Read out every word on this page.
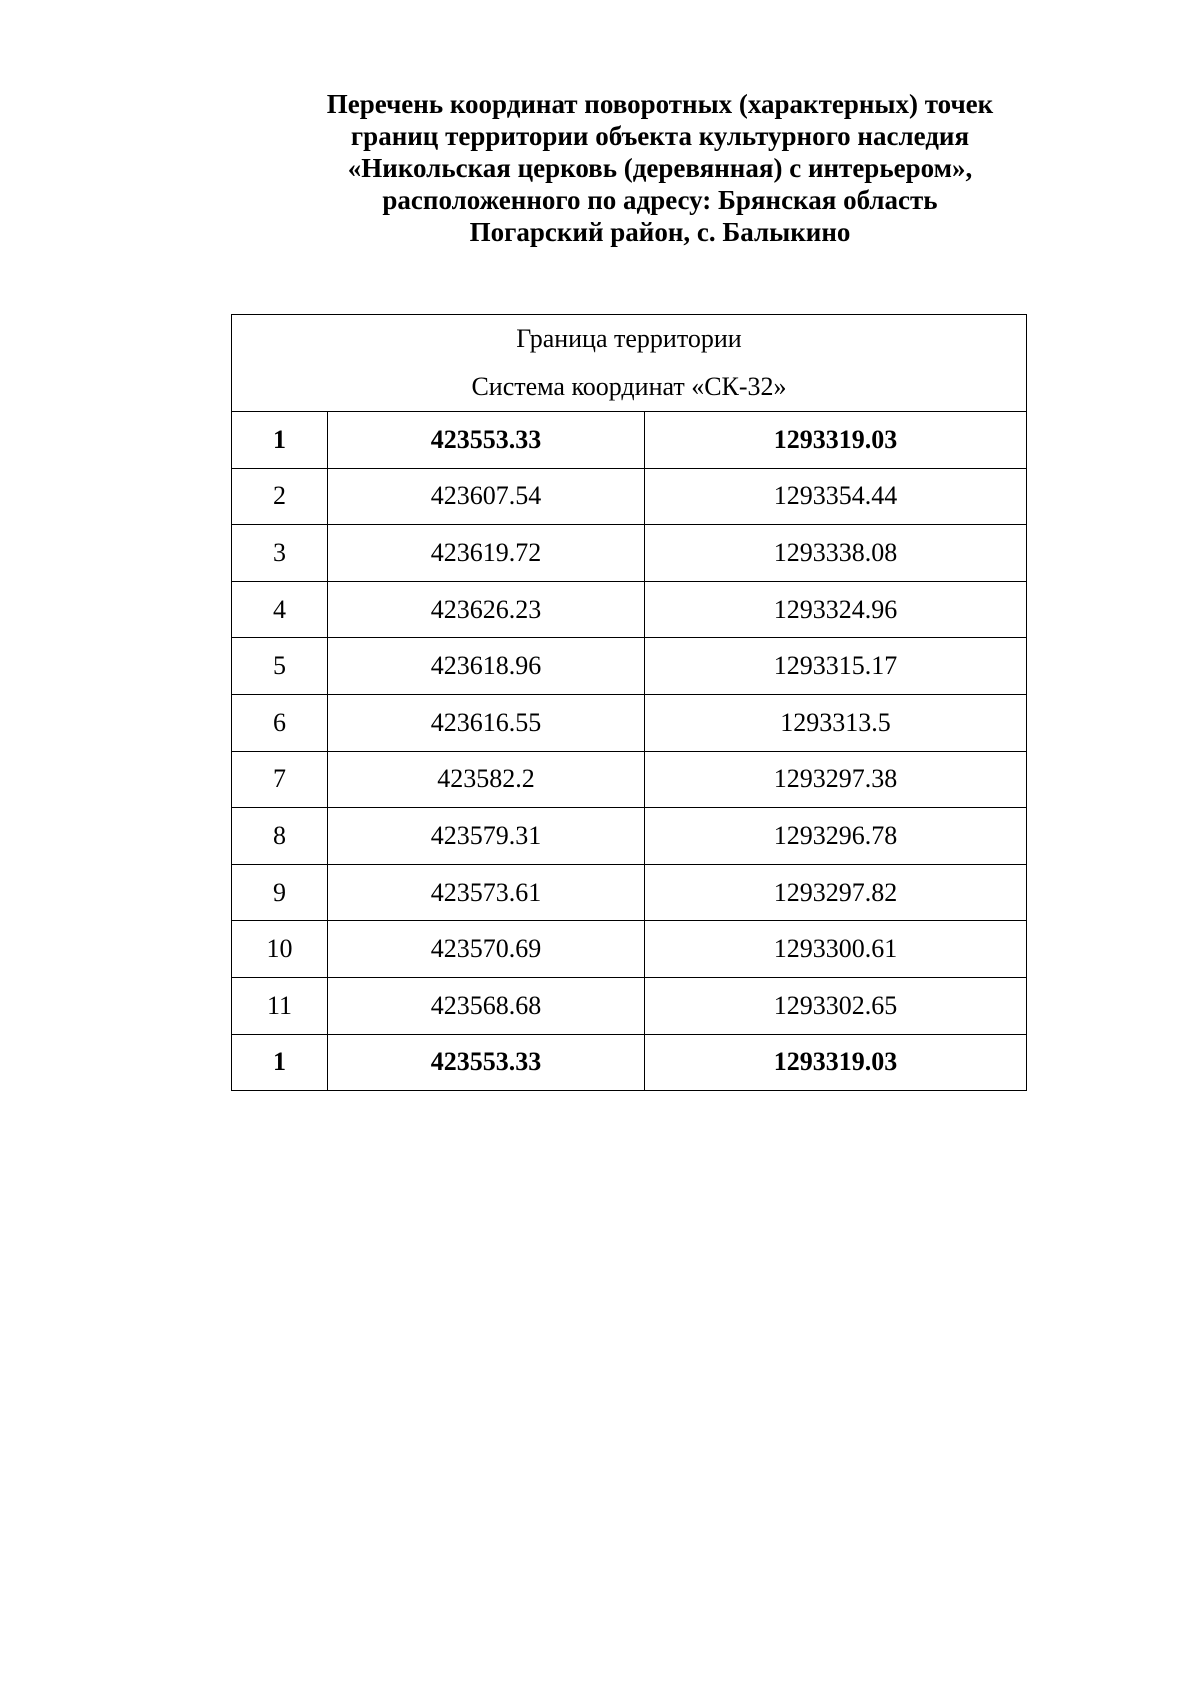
Перечень координат поворотных (характерных) точек
границ территории объекта культурного наследия
«Никольская церковь (деревянная) с интерьером»,
расположенного по адресу: Брянская область
Погарский район, с. Балыкино
Граница территории
Система координат «СК-32»		

1	423553.33	1293319.03
2	423607.54	1293354.44
3	423619.72	1293338.08
4	423626.23	1293324.96
5	423618.96	1293315.17
6	423616.55	1293313.5
7	423582.2	1293297.38
8	423579.31	1293296.78
9	423573.61	1293297.82
10	423570.69	1293300.61
11	423568.68	1293302.65
1	423553.33	1293319.03
